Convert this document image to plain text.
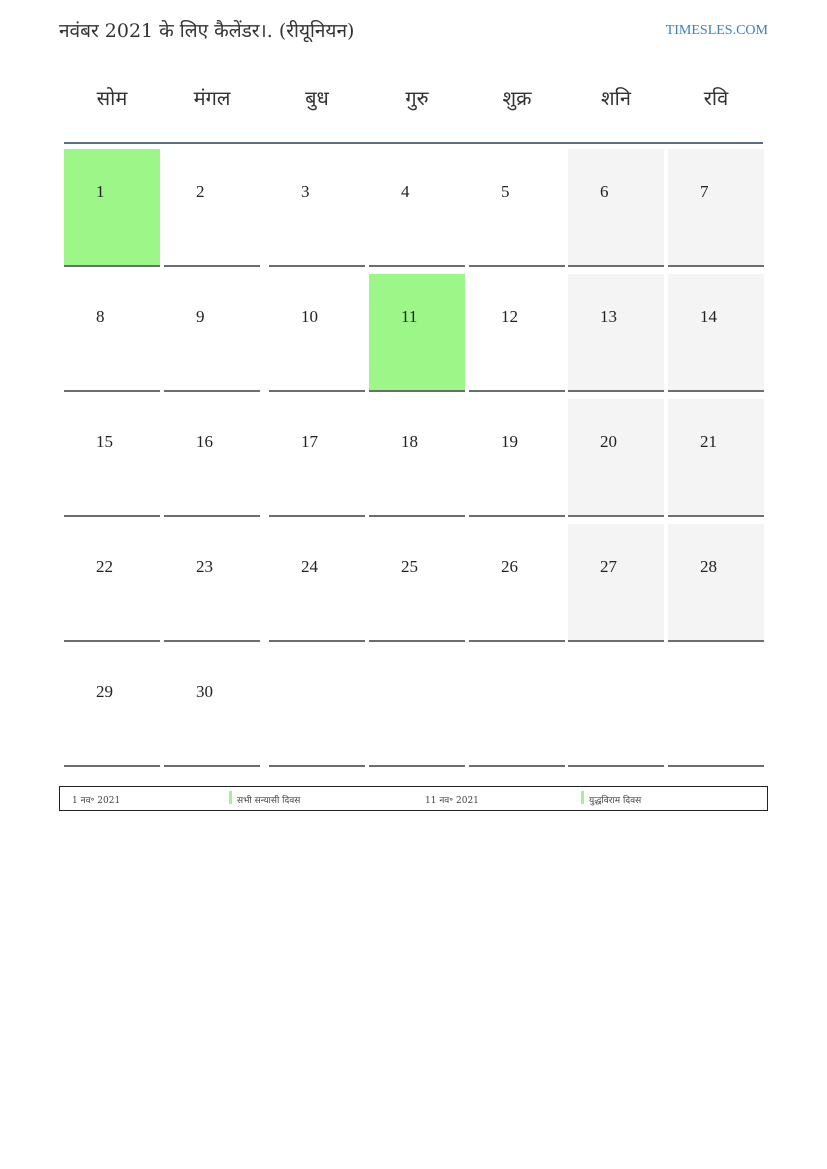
नवंबर 2021 के लिए कैलेंडर।. (रीयूनियन)	TIMESLES.COM
सोम	मंगल	बुध	गुरु	शुक्र	शनि	रवि
1	2	3	4	5	6	7
8	9	10	11	12	13	14
15	16	17	18	19	20	21
22	23	24	25	26	27	28
29	30
1 नव॰ 2021	सभी सन्यासी दिवस	11 नव॰ 2021	युद्धविराम दिवस
